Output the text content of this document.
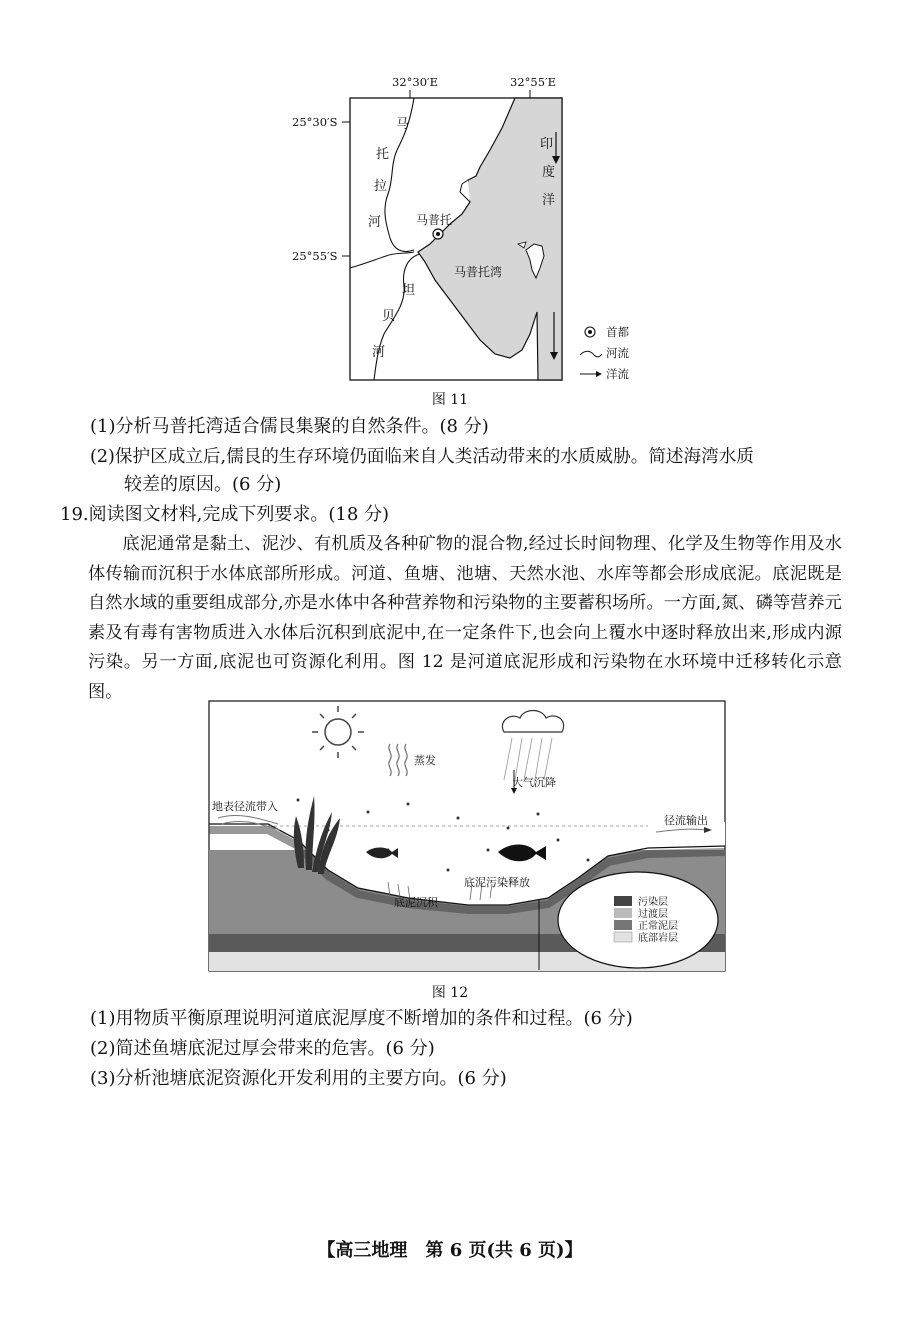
32°30′E	32°55′E
25°30′S
25°55′S
马
托
拉
河
坦
贝
河
印
度
洋
马普托
马普托湾
首都
河流
洋流
图 11
(1)分析马普托湾适合儒艮集聚的自然条件。(8 分)
(2)保护区成立后,儒艮的生存环境仍面临来自人类活动带来的水质威胁。简述海湾水质
较差的原因。(6 分)
19.阅读图文材料,完成下列要求。(18 分)
底泥通常是黏土、泥沙、有机质及各种矿物的混合物,经过长时间物理、化学及生物等作用及水体传输而沉积于水体底部所形成。河道、鱼塘、池塘、天然水池、水库等都会形成底泥。底泥既是自然水域的重要组成部分,亦是水体中各种营养物和污染物的主要蓄积场所。一方面,氮、磷等营养元素及有毒有害物质进入水体后沉积到底泥中,在一定条件下,也会向上覆水中逐时释放出来,形成内源污染。另一方面,底泥也可资源化利用。图 12 是河道底泥形成和污染物在水环境中迁移转化示意图。
蒸发
大气沉降
地表径流带入
径流输出
底泥污染释放
底泥沉积	污染层
过渡层
正常泥层
底部岩层
图 12
(1)用物质平衡原理说明河道底泥厚度不断增加的条件和过程。(6 分)
(2)简述鱼塘底泥过厚会带来的危害。(6 分)
(3)分析池塘底泥资源化开发利用的主要方向。(6 分)
【高三地理　第 6 页(共 6 页)】
